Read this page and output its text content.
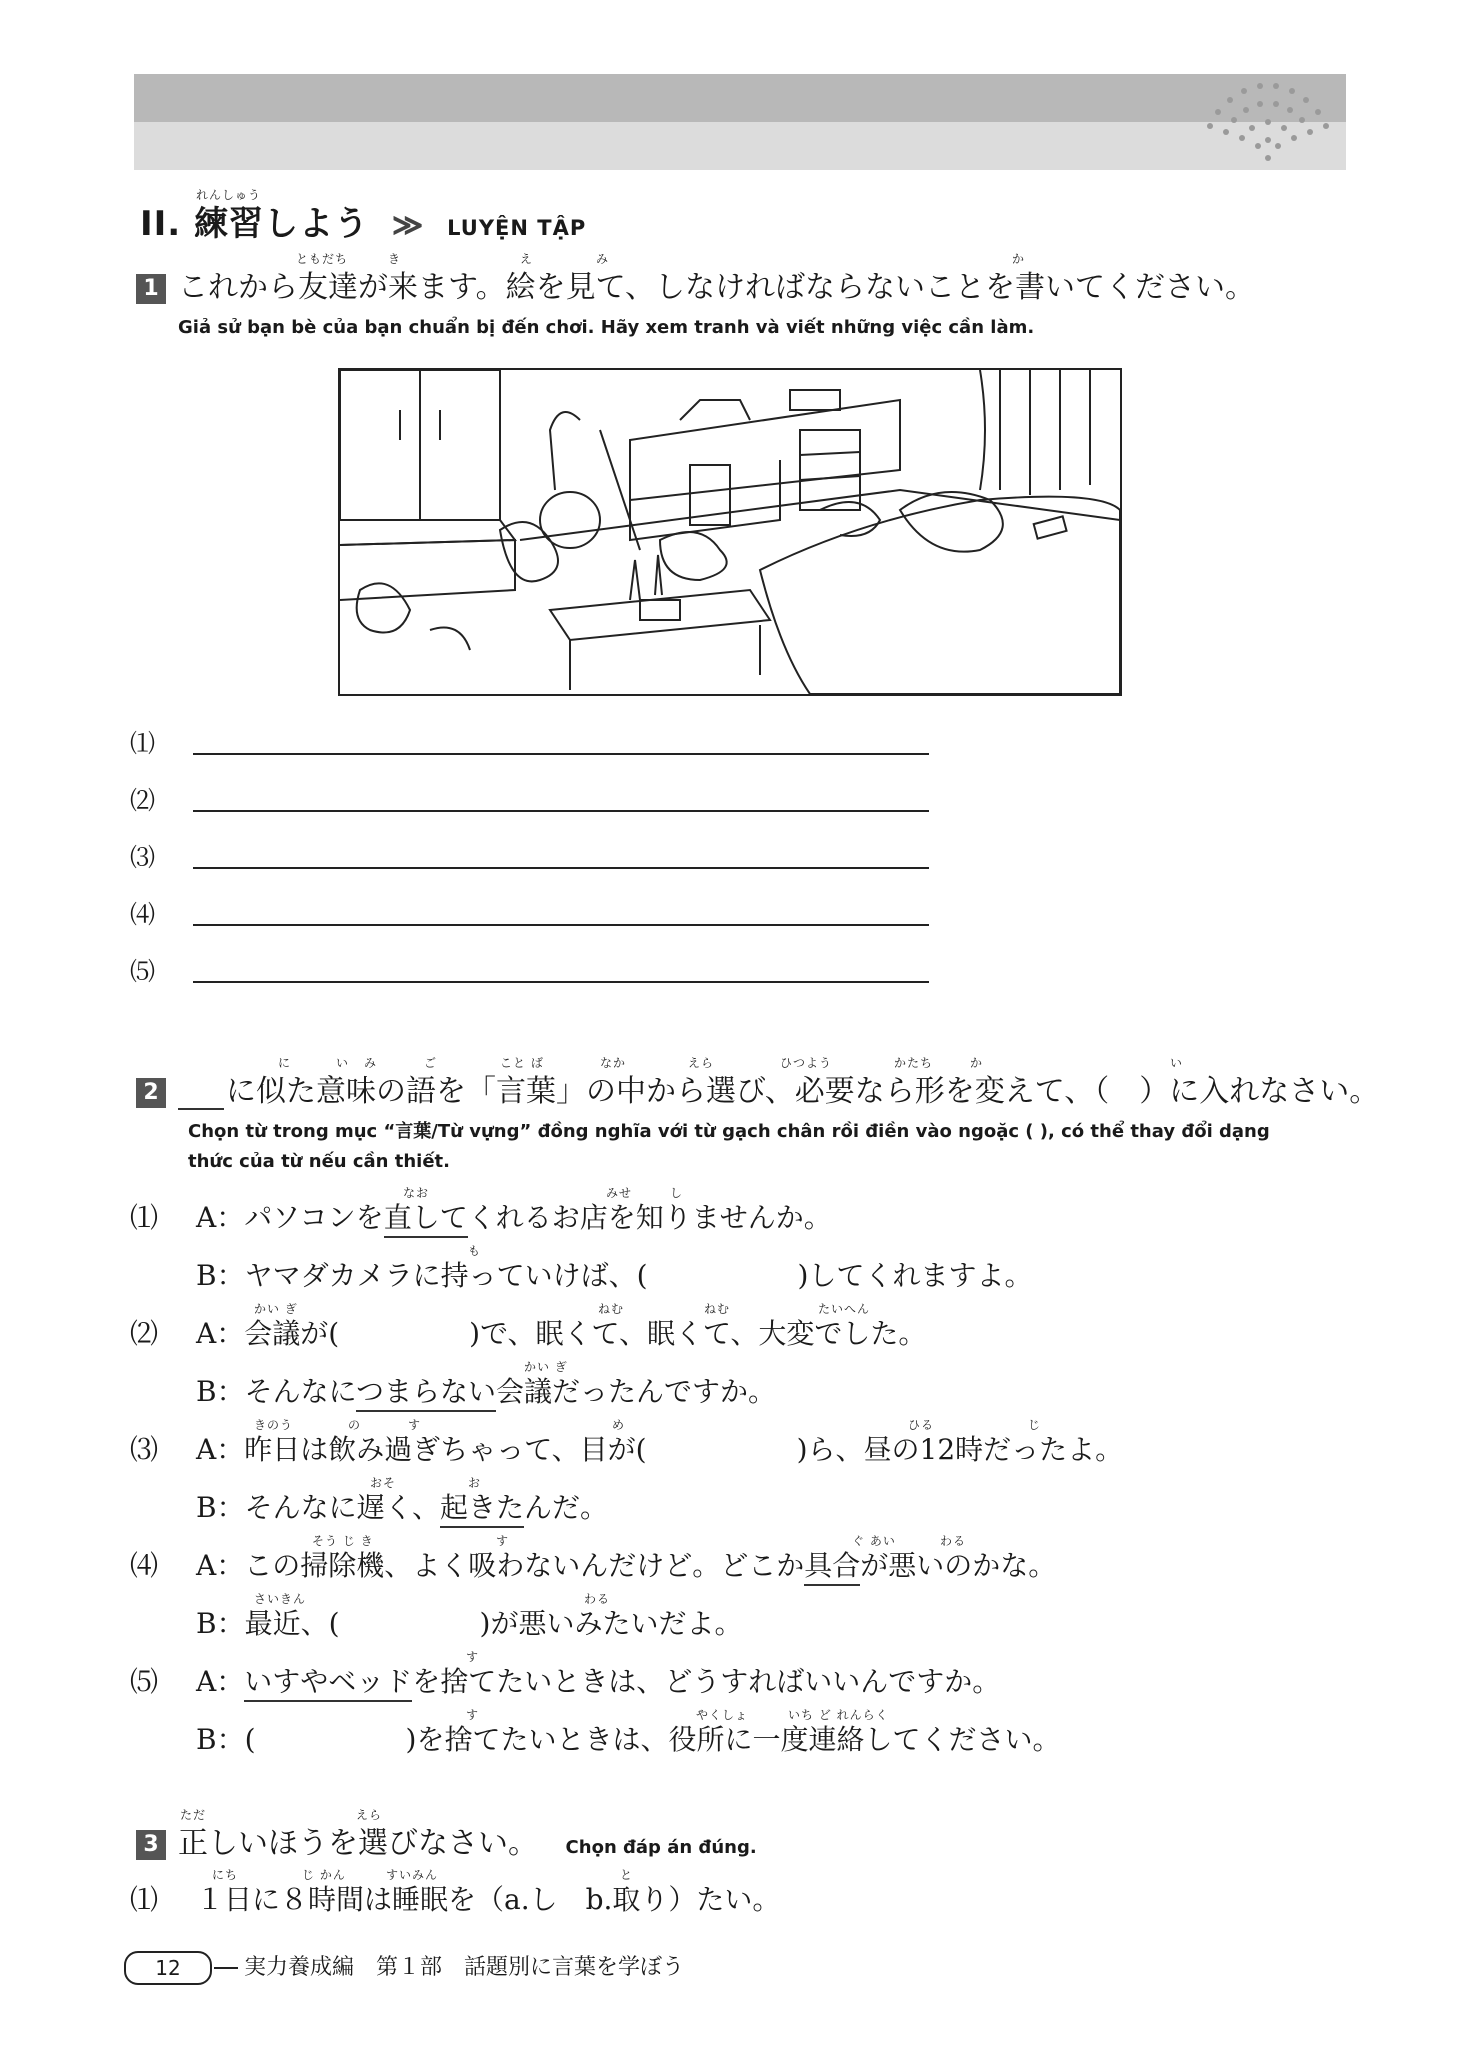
れんしゅう
II. 練習しよう ≫ LUYỆN TẬP
ともだち	き	え	み	か
1 これから友達が来ます。絵を見て、しなければならないことを書いてください。
Giả sử bạn bè của bạn chuẩn bị đến chơi. Hãy xem tranh và viết những việc cần làm.
⑴
⑵
⑶
⑷
⑸
に	い み	ご	こと ば	なか	えら	ひつよう	かたち	か	い
2 に似た意味の語を「言葉」の中から選び、必要なら形を変えて、（　）に入れなさい。
Chọn từ trong mục “言葉/Từ vựng” đồng nghĩa với từ gạch chân rồi điền vào ngoặc ( ), có thể thay đổi dạng
thức của từ nếu cần thiết.
なお	みせ	し
⑴ A：パソコンを直してくれるお店を知りませんか。
も
B：ヤマダカメラに持っていけば、(	)してくれますよ。
かい ぎ	ねむ	ねむ	たいへん
⑵ A：会議が(	)で、眠くて、眠くて、大変でした。
かい ぎ
B：そんなにつまらない会議だったんですか。
きのう	の	す	め	ひる	じ
⑶ A：昨日は飲み過ぎちゃって、目が(	)ら、昼の12時だったよ。
おそ	お
B：そんなに遅く、起きたんだ。
そう じ き	す	ぐ あい	わる
⑷ A：この掃除機、よく吸わないんだけど。どこか具合が悪いのかな。
さいきん	わる
B：最近、(	)が悪いみたいだよ。
す
⑸ A：いすやベッドを捨てたいときは、どうすればいいんですか。
す	やくしょ	いち ど れんらく
B：(	)を捨てたいときは、役所に一度連絡してください。
ただ	えら
3 正しいほうを選びなさい。 Chọn đáp án đúng.
にち	じ かん	すいみん	と
⑴ １日に８時間は睡眠を（a.し　b.取り）たい。
12	実力養成編　第１部　話題別に言葉を学ぼう
